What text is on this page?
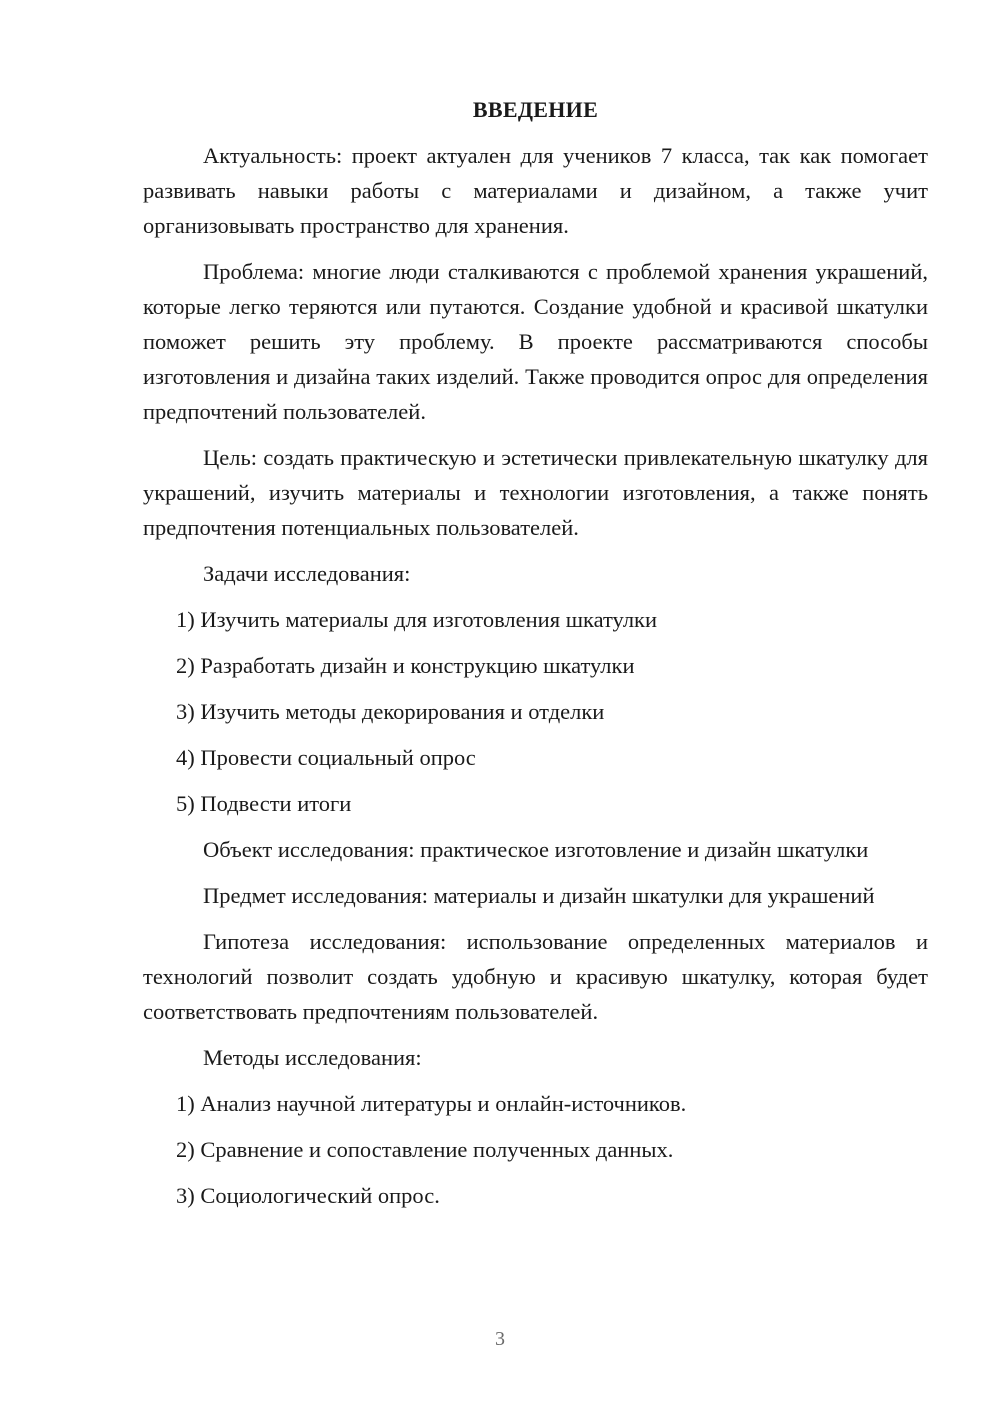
ВВЕДЕНИЕ

Актуальность: проект актуален для учеников 7 класса, так как помогает развивать навыки работы с материалами и дизайном, а также учит организовывать пространство для хранения.

Проблема: многие люди сталкиваются с проблемой хранения украшений, которые легко теряются или путаются. Создание удобной и красивой шкатулки поможет решить эту проблему. В проекте рассматриваются способы изготовления и дизайна таких изделий. Также проводится опрос для определения предпочтений пользователей.

Цель: создать практическую и эстетически привлекательную шкатулку для украшений, изучить материалы и технологии изготовления, а также понять предпочтения потенциальных пользователей.

Задачи исследования:

1) Изучить материалы для изготовления шкатулки
2) Разработать дизайн и конструкцию шкатулки
3) Изучить методы декорирования и отделки
4) Провести социальный опрос
5) Подвести итоги

Объект исследования: практическое изготовление и дизайн шкатулки

Предмет исследования: материалы и дизайн шкатулки для украшений

Гипотеза исследования: использование определенных материалов и технологий позволит создать удобную и красивую шкатулку, которая будет соответствовать предпочтениям пользователей.

Методы исследования:

1) Анализ научной литературы и онлайн-источников.
2) Сравнение и сопоставление полученных данных.
3) Социологический опрос.
3
